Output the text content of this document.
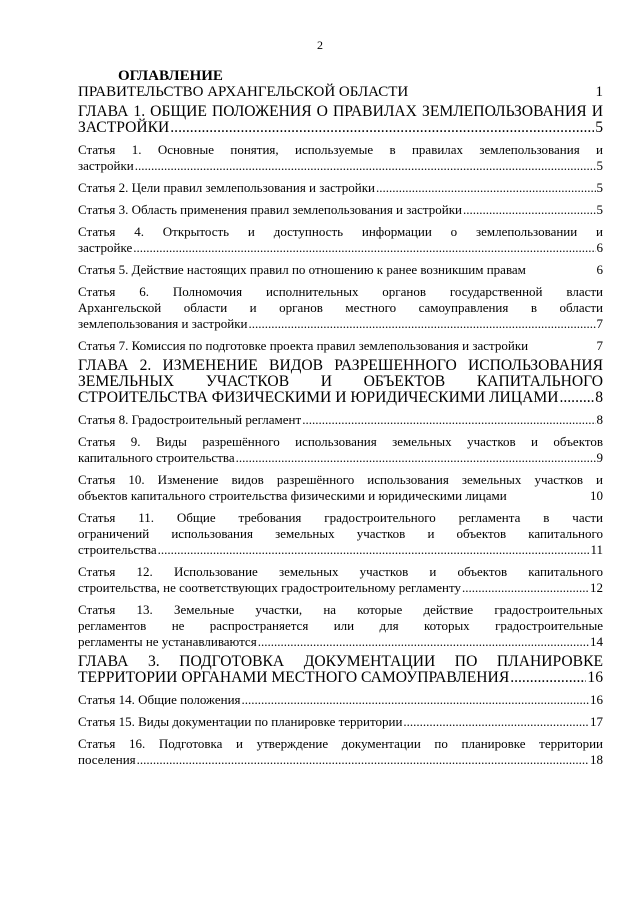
2
ОГЛАВЛЕНИЕ
ПРАВИТЕЛЬСТВО АРХАНГЕЛЬСКОЙ ОБЛАСТИ	1
ГЛАВА 1. ОБЩИЕ ПОЛОЖЕНИЯ О ПРАВИЛАХ ЗЕМЛЕПОЛЬЗОВАНИЯ И
ЗАСТРОЙКИ .....	5
Статья 1. Основные понятия, используемые в правилах землепользования и
застройки .....	5
Статья 2. Цели правил землепользования и застройки .....	5
Статья 3. Область применения правил землепользования и застройки .....	5
Статья 4. Открытость и доступность информации о землепользовании и
застройке .....	6
Статья 5. Действие настоящих правил по отношению к ранее возникшим правам	6
Статья 6. Полномочия исполнительных органов государственной власти
Архангельской области и органов местного самоуправления в области
землепользования и застройки .....	7
Статья 7. Комиссия по подготовке проекта правил землепользования и застройки	7
ГЛАВА 2. ИЗМЕНЕНИЕ ВИДОВ РАЗРЕШЕННОГО ИСПОЛЬЗОВАНИЯ
ЗЕМЕЛЬНЫХ УЧАСТКОВ И ОБЪЕКТОВ КАПИТАЛЬНОГО
СТРОИТЕЛЬСТВА ФИЗИЧЕСКИМИ И ЮРИДИЧЕСКИМИ ЛИЦАМИ ..... 8
Статья 8. Градостроительный регламент .....	8
Статья 9. Виды разрешённого использования земельных участков и объектов
капитального строительства .....	9
Статья 10. Изменение видов разрешённого использования земельных участков и
объектов капитального строительства физическими и юридическими лицами	10
Статья 11. Общие требования градостроительного регламента в части
ограничений использования земельных участков и объектов капитального
строительства .....	11
Статья 12. Использование земельных участков и объектов капитального
строительства, не соответствующих градостроительному регламенту .....	12
Статья 13. Земельные участки, на которые действие градостроительных
регламентов не распространяется или для которых градостроительные
регламенты не устанавливаются .....	14
ГЛАВА 3. ПОДГОТОВКА ДОКУМЕНТАЦИИ ПО ПЛАНИРОВКЕ
ТЕРРИТОРИИ ОРГАНАМИ МЕСТНОГО САМОУПРАВЛЕНИЯ .....	16
Статья 14. Общие положения .....	16
Статья 15. Виды документации по планировке территории .....	17
Статья 16. Подготовка и утверждение документации по планировке территории
поселения .....	18
